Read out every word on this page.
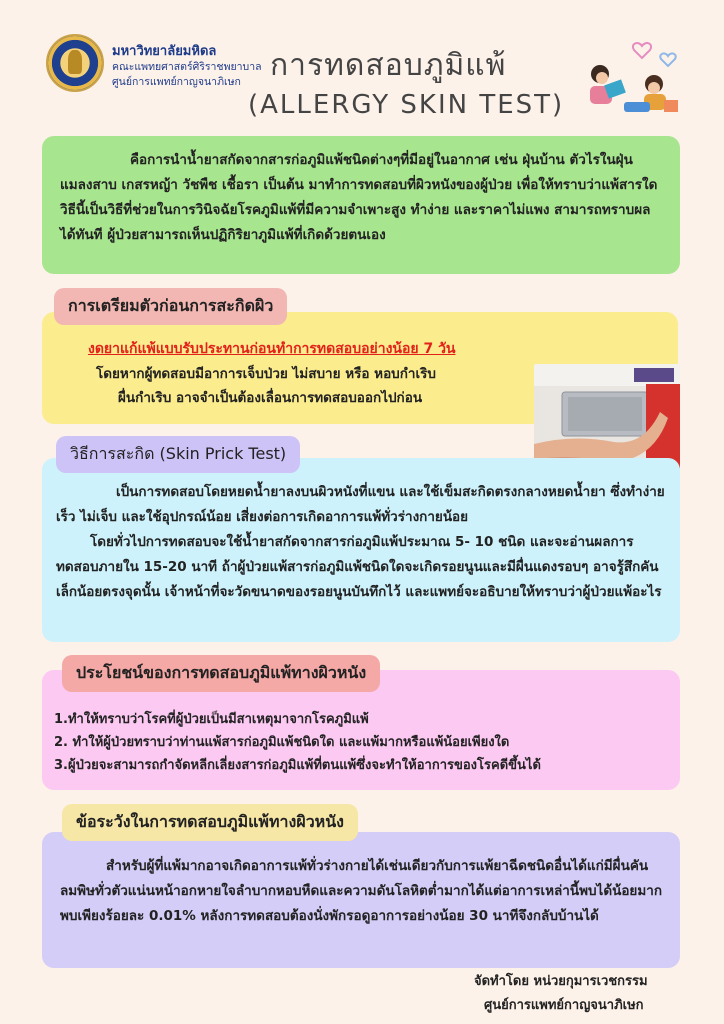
มหาวิทยาลัยมหิดล
คณะแพทยศาสตร์ศิริราชพยาบาล
ศูนย์การแพทย์กาญจนาภิเษก การทดสอบภูมิแพ้
(ALLERGY SKIN TEST)

คือการนำน้ำยาสกัดจากสารก่อภูมิแพ้ชนิดต่างๆที่มีอยู่ในอากาศ เช่น ฝุ่นบ้าน ตัวไรในฝุ่น แมลงสาบ เกสรหญ้า วัชพืช เชื้อรา เป็นต้น มาทำการทดสอบที่ผิวหนังของผู้ป่วย เพื่อให้ทราบว่าแพ้สารใด วิธีนี้เป็นวิธีที่ช่วยในการวินิจฉัยโรคภูมิแพ้ที่มีความจำเพาะสูง ทำง่าย และราคาไม่แพง สามารถทราบผลได้ทันที ผู้ป่วยสามารถเห็นปฏิกิริยาภูมิแพ้ที่เกิดด้วยตนเอง

การเตรียมตัวก่อนการสะกิดผิว
งดยาแก้แพ้แบบรับประทานก่อนทำการทดสอบอย่างน้อย 7 วัน
โดยหากผู้ทดสอบมีอาการเจ็บป่วย ไม่สบาย หรือ หอบกำเริบ
ผื่นกำเริบ อาจจำเป็นต้องเลื่อนการทดสอบออกไปก่อน

เป็นการทดสอบโดยหยดน้ำยาลงบนผิวหนังที่แขน และใช้เข็มสะกิดตรงกลางหยดน้ำยา ซึ่งทำง่าย เร็ว ไม่เจ็บ และใช้อุปกรณ์น้อย เสี่ยงต่อการเกิดอาการแพ้ทั่วร่างกายน้อย

โดยทั่วไปการทดสอบจะใช้น้ำยาสกัดจากสารก่อภูมิแพ้ประมาณ 5- 10 ชนิด และจะอ่านผลการทดสอบภายใน 15-20 นาที ถ้าผู้ป่วยแพ้สารก่อภูมิแพ้ชนิดใดจะเกิดรอยนูนและมีผื่นแดงรอบๆ อาจรู้สึกคันเล็กน้อยตรงจุดนั้น เจ้าหน้าที่จะวัดขนาดของรอยนูนบันทึกไว้ และแพทย์จะอธิบายให้ทราบว่าผู้ป่วยแพ้อะไร

วิธีการสะกิด (Skin Prick Test)
1.ทำให้ทราบว่าโรคที่ผู้ป่วยเป็นมีสาเหตุมาจากโรคภูมิแพ้
2. ทำให้ผู้ป่วยทราบว่าท่านแพ้สารก่อภูมิแพ้ชนิดใด และแพ้มากหรือแพ้น้อยเพียงใด
3.ผู้ป่วยจะสามารถกำจัดหลีกเลี่ยงสารก่อภูมิแพ้ที่ตนแพ้ซึ่งจะทำให้อาการของโรคดีขึ้นได้
ประโยชน์ของการทดสอบภูมิแพ้ทางผิวหนัง

สำหรับผู้ที่แพ้มากอาจเกิดอาการแพ้ทั่วร่างกายได้เช่นเดียวกับการแพ้ยาฉีดชนิดอื่นได้แก่มีผื่นคันลมพิษทั่วตัวแน่นหน้าอกหายใจลำบากหอบหืดและความดันโลหิตต่ำมากได้แต่อาการเหล่านี้พบได้น้อยมากพบเพียงร้อยละ 0.01% หลังการทดสอบต้องนั่งพักรอดูอาการอย่างน้อย 30 นาทีจึงกลับบ้านได้

ข้อระวังในการทดสอบภูมิแพ้ทางผิวหนัง
จัดทำโดย หน่วยกุมารเวชกรรม
ศูนย์การแพทย์กาญจนาภิเษก
